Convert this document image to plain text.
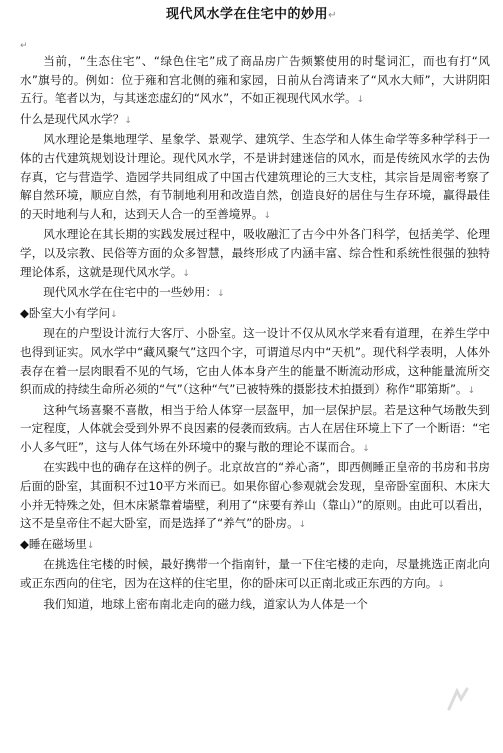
现代风水学在住宅中的妙用↵
↵

当前，“生态住宅”、“绿色住宅”成了商品房广告频繁使用的时髦词汇，而也有打“风水”旗号的。例如：位于雍和宫北侧的雍和家园，日前从台湾请来了“风水大师”，大讲阴阳五行。笔者以为，与其迷恋虚幻的“风水”，不如正视现代风水学。↓

什么是现代风水学？↓

风水理论是集地理学、星象学、景观学、建筑学、生态学和人体生命学等多种学科于一体的古代建筑规划设计理论。现代风水学，不是讲封建迷信的风水，而是传统风水学的去伪存真，它与营造学、造园学共同组成了中国古代建筑理论的三大支柱，其宗旨是周密考察了解自然环境，顺应自然，有节制地利用和改造自然，创造良好的居住与生存环境，赢得最佳的天时地利与人和，达到天人合一的至善境界。↓

风水理论在其长期的实践发展过程中，吸收融汇了古今中外各门科学，包括美学、伦理学，以及宗教、民俗等方面的众多智慧，最终形成了内涵丰富、综合性和系统性很强的独特理论体系，这就是现代风水学。↓

现代风水学在住宅中的一些妙用：↓

◆卧室大小有学问↓

现在的户型设计流行大客厅、小卧室。这一设计不仅从风水学来看有道理，在养生学中也得到证实。风水学中“藏风聚气”这四个字，可谓道尽内中“天机”。现代科学表明，人体外表存在着一层肉眼看不见的气场，它由人体本身产生的能量不断流动形成，这种能量流所交织而成的持续生命所必须的“气”（这种“气”已被特殊的摄影技术拍摄到）称作“耶第斯”。↓

这种气场喜聚不喜散，相当于给人体穿一层盔甲，加一层保护层。若是这种气场散失到一定程度，人体就会受到外界不良因素的侵袭而致病。古人在居住环境上下了一个断语：“宅小人多气旺”，这与人体气场在外环境中的聚与散的理论不谋而合。↓

在实践中也的确存在这样的例子。北京故宫的“养心斋”，即西侧睡正皇帝的书房和书房后面的卧室，其面积不过10平方米而已。如果你留心参观就会发现，皇帝卧室面积、木床大小并无特殊之处，但木床紧靠着墙壁，利用了“床要有养山（靠山）”的原则。由此可以看出，这不是皇帝住不起大卧室，而是选择了“养气”的卧房。↓

◆睡在磁场里↓

在挑选住宅楼的时候，最好携带一个指南针，量一下住宅楼的走向，尽量挑选正南北向或正东西向的住宅，因为在这样的住宅里，你的卧床可以正南北或正东西的方向。↓

我们知道，地球上密布南北走向的磁力线，道家认为人体是一个
